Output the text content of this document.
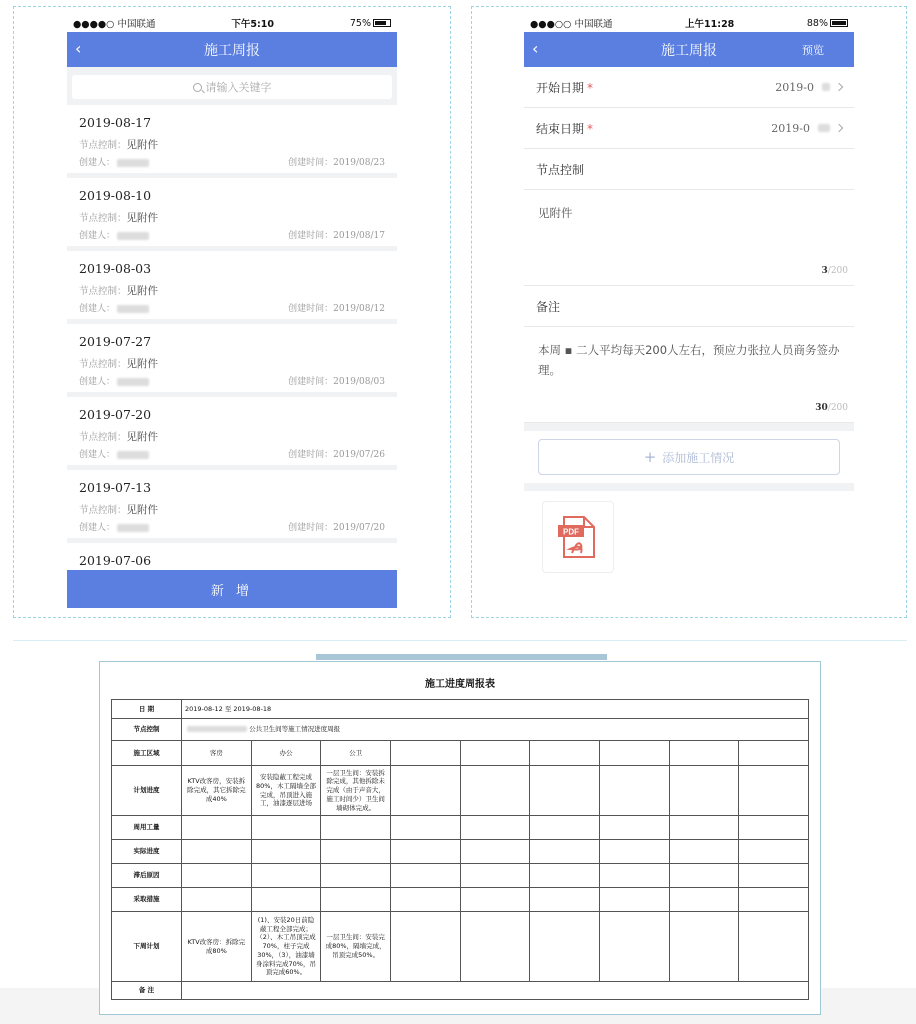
●●●●○ 中国联通	下午5:10	75%
‹	施工周报
请输入关键字
2019-08-17
节点控制：见附件
创建人：	创建时间：2019/08/23
2019-08-10
节点控制：见附件
创建人：	创建时间：2019/08/17
2019-08-03
节点控制：见附件
创建人：	创建时间：2019/08/12
2019-07-27
节点控制：见附件
创建人：	创建时间：2019/08/03
2019-07-20
节点控制：见附件
创建人：	创建时间：2019/07/26
2019-07-13
节点控制：见附件
创建人：	创建时间：2019/07/20
2019-07-06
新 增
●●●○○ 中国联通	上午11:28	88%
‹	施工周报	预览
开始日期 *	2019-0
结束日期 *	2019-0
节点控制
见附件
3/200
备注
本周 ▪ 二人平均每天200人左右，预应力张拉人员商务签办理。
30/200
+ 添加施工情况
PDF
施工进度周报表
日 期	2019-08-12 至 2019-08-18								
节点控制	公共卫生间等施工情况进度周报								
施工区域	客房	办公	公卫						
计划进度	KTV改客房，安装拆除完成，其它拆除完成40%	安装隐蔽工程完成80%，木工隔墙全部完成，吊顶进入施工，油漆逐层进场	一层卫生间：安装拆除完成，其他拆除未完成（由于声音大，施工时间少）卫生间墙砌体完成。						
周用工量									
实际进度									
滞后原因									
采取措施									
下周计划	KTV改客房：拆除完成80%	(1)、安装20日前隐蔽工程全部完成；（2）、木工吊顶完成70%，柱子完成30%，（3），油漆墙身涂料完成70%，吊顶完成60%。	一层卫生间：安装完成80%，隔墙完成，吊顶完成50%。						
备 注									
